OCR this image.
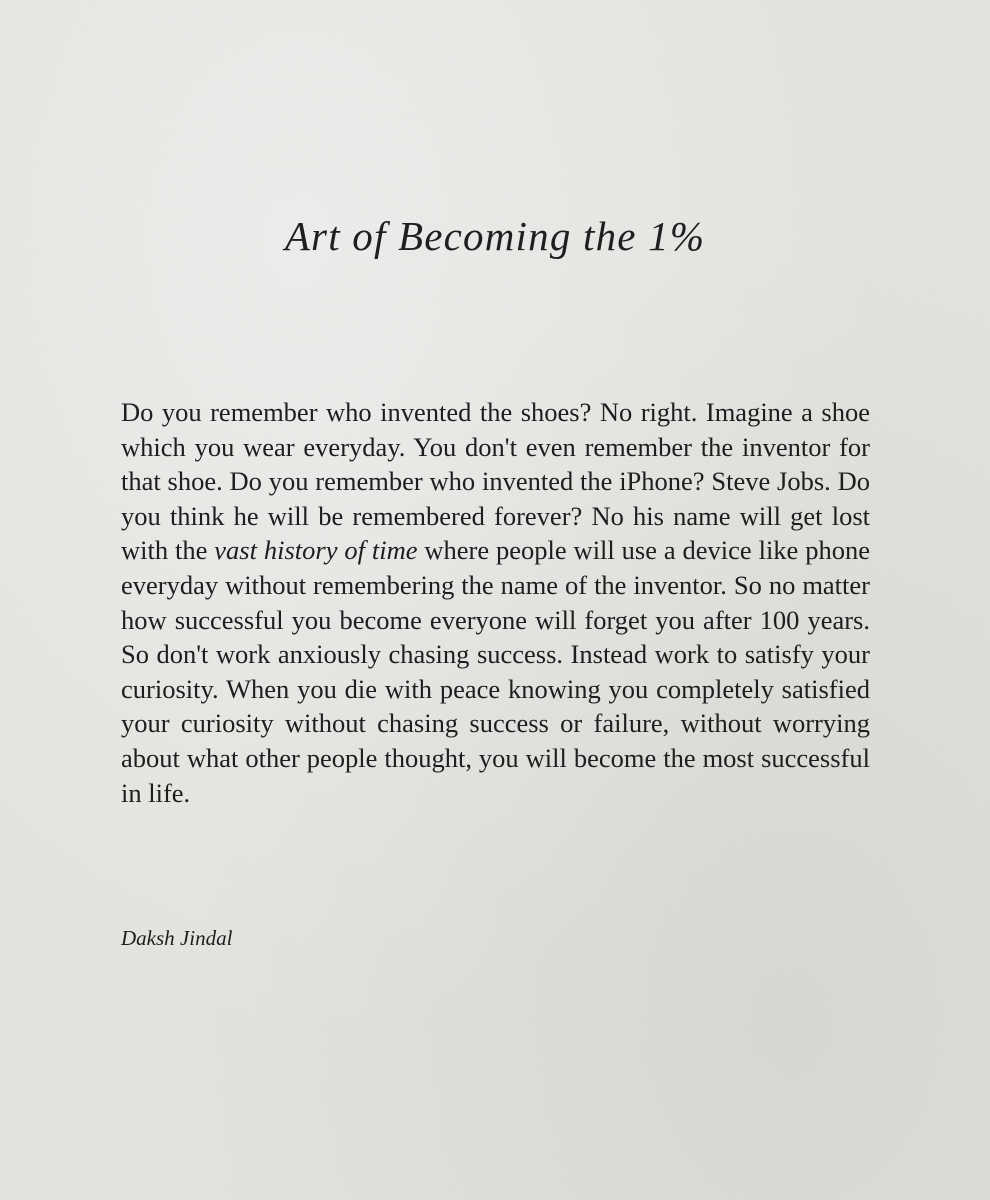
Art of Becoming the 1%

Do you remember who invented the shoes? No right. Imagine a shoe which you wear everyday. You don't even remember the inventor for that shoe. Do you remember who invented the iPhone? Steve Jobs. Do you think he will be remembered forever? No his name will get lost with the vast history of time where people will use a device like phone everyday without remembering the name of the inventor. So no matter how successful you become everyone will forget you after 100 years. So don't work anxiously chasing success. Instead work to satisfy your curiosity. When you die with peace knowing you completely satisfied your curiosity without chasing success or failure, without worrying about what other people thought, you will become the most successful in life.

Daksh Jindal
